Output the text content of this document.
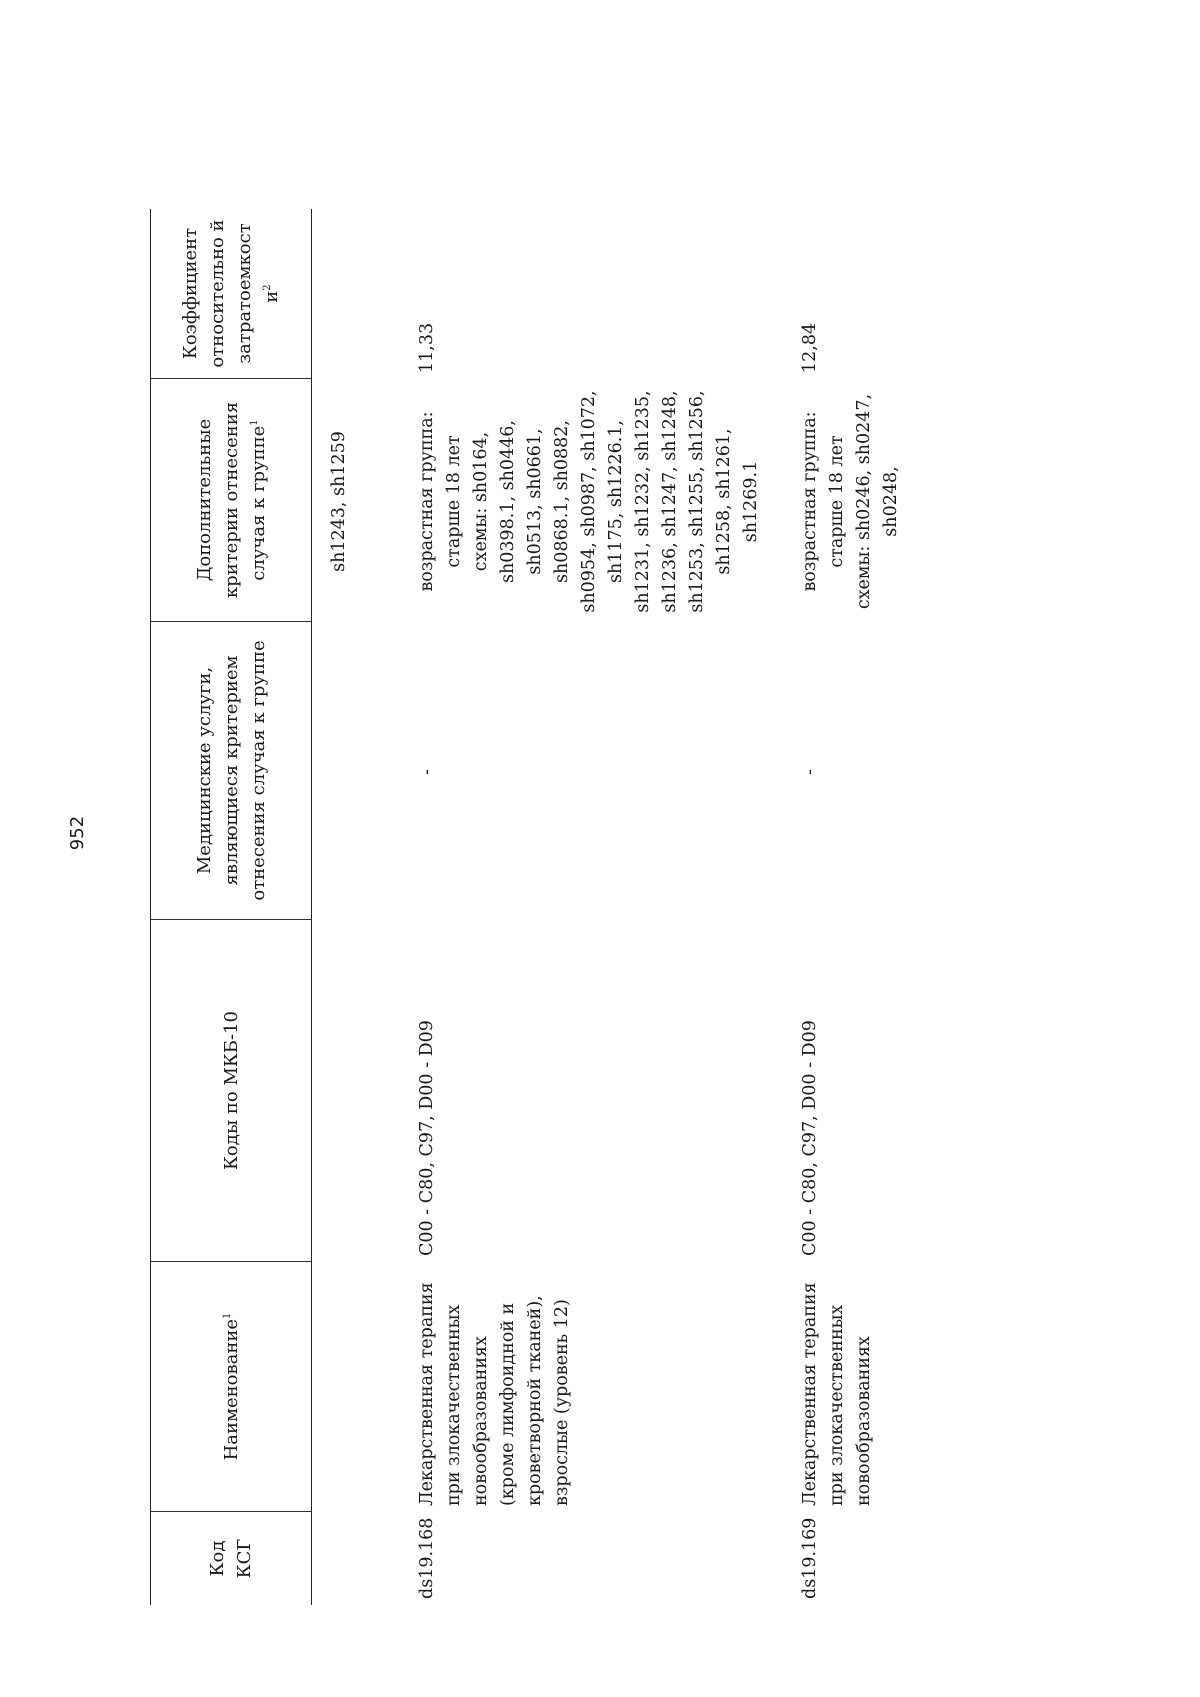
952
Код КСГ
Наименование$^1$
Коды по МКБ-10
Медицинские услуги, являющиеся критерием отнесения случая к группе
Дополнительные критерии отнесения случая к группе$^1$
Коэффициент относительно й затратоемкост $и^2$
sh1243, sh1259
ds19.168
Лекарственная терапия при злокачественных новообразованиях (кроме лимфоидной и кроветворной тканей), взрослые (уровень 12)
C00 - C80, C97, D00 - D09
-
возрастная группа: старше 18 лет схемы: sh0164, sh0398.1, sh0446, sh0513, sh0661, sh0868.1, sh0882, sh0954, sh0987, sh1072, sh1175, sh1226.1, sh1231, sh1232, sh1235, sh1236, sh1247, sh1248, sh1253, sh1255, sh1256, sh1258, sh1261, sh1269.1
11,33
ds19.169
Лекарственная терапия при злокачественных новообразованиях
C00 - C80, C97, D00 - D09
-
возрастная группа: старше 18 лет схемы: sh0246, sh0247, sh0248,
12,84
